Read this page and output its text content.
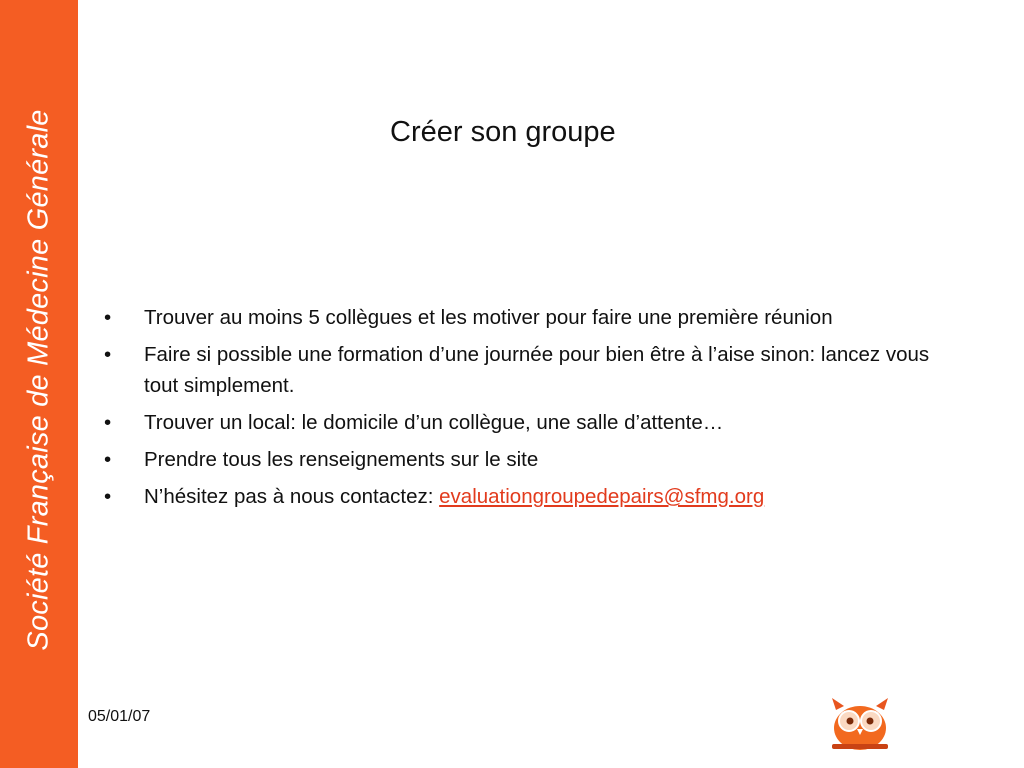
Société Française de Médecine Générale	Créer son groupe
• Trouver au moins 5 collègues et les motiver pour faire une première réunion
• Faire si possible une formation d’une journée pour bien être à l’aise sinon: lancez vous tout simplement.
• Trouver un local: le domicile d’un collègue, une salle d’attente…
• Prendre tous les renseignements sur le site
• N’hésitez pas à nous contactez: evaluationgroupedepairs@sfmg.org
05/01/07
